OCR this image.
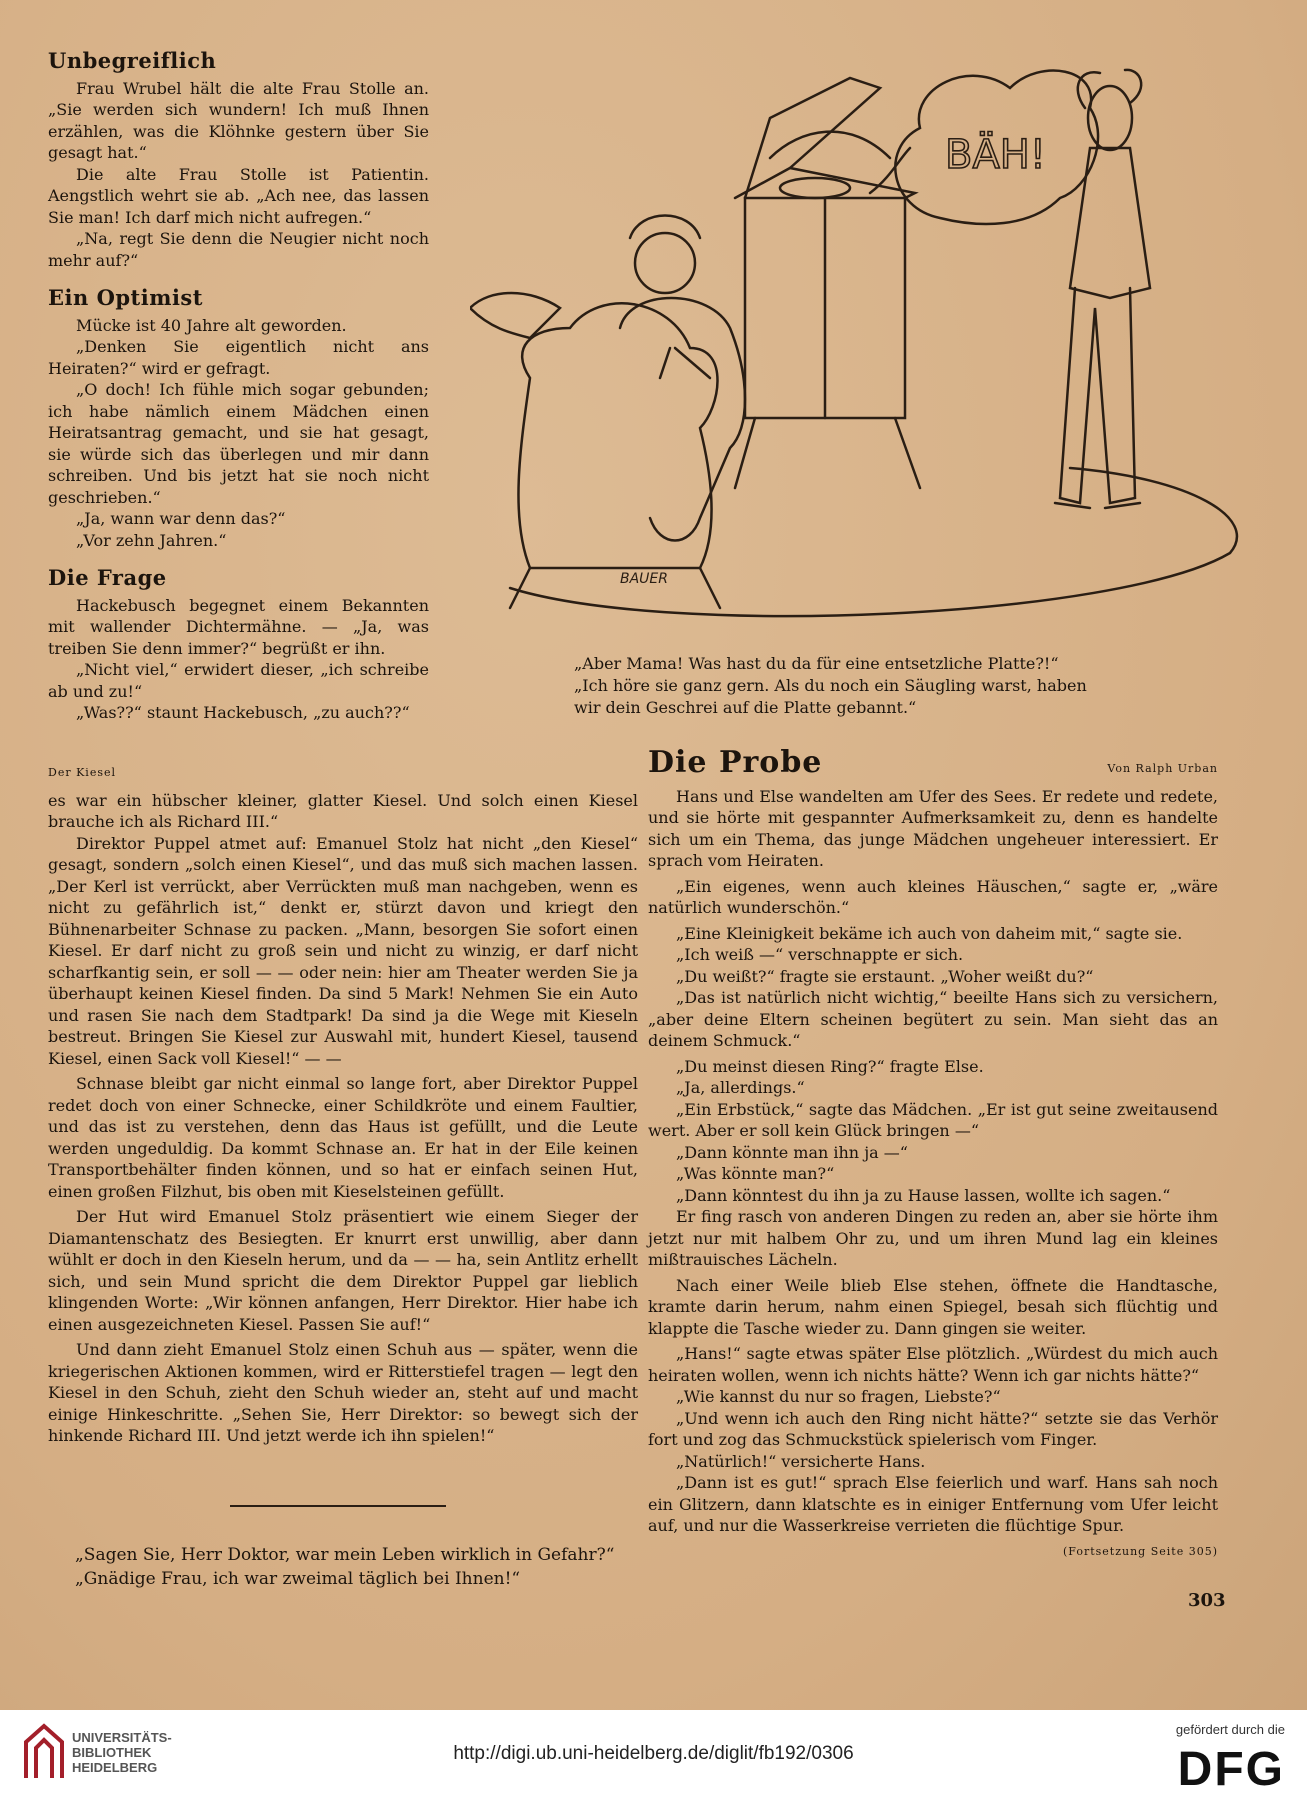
Unbegreiflich

Frau Wrubel hält die alte Frau Stolle an. „Sie werden sich wundern! Ich muß Ihnen erzählen, was die Klöhnke gestern über Sie gesagt hat.“

Die alte Frau Stolle ist Patientin. Aengstlich wehrt sie ab. „Ach nee, das lassen Sie man! Ich darf mich nicht aufregen.“

„Na, regt Sie denn die Neugier nicht noch mehr auf?“

Ein Optimist

Mücke ist 40 Jahre alt geworden.

„Denken Sie eigentlich nicht ans Heiraten?“ wird er gefragt.

„O doch! Ich fühle mich sogar gebunden; ich habe nämlich einem Mädchen einen Heiratsantrag gemacht, und sie hat gesagt, sie würde sich das überlegen und mir dann schreiben. Und bis jetzt hat sie noch nicht geschrieben.“

„Ja, wann war denn das?“

„Vor zehn Jahren.“

Die Frage

Hackebusch begegnet einem Bekannten mit wallender Dichtermähne. — „Ja, was treiben Sie denn immer?“ begrüßt er ihn.

„Nicht viel,“ erwidert dieser, „ich schreibe ab und zu!“

„Was??“ staunt Hackebusch, „zu auch??“

BÄH!
BAUER

„Aber Mama! Was hast du da für eine entsetzliche Platte?!“

„Ich höre sie ganz gern. Als du noch ein Säugling warst, haben wir dein Geschrei auf die Platte gebannt.“

Der Kiesel

es war ein hübscher kleiner, glatter Kiesel. Und solch einen Kiesel brauche ich als Richard III.“

Direktor Puppel atmet auf: Emanuel Stolz hat nicht „den Kiesel“ gesagt, sondern „solch einen Kiesel“, und das muß sich machen lassen. „Der Kerl ist verrückt, aber Verrückten muß man nachgeben, wenn es nicht zu gefährlich ist,“ denkt er, stürzt davon und kriegt den Bühnenarbeiter Schnase zu packen. „Mann, besorgen Sie sofort einen Kiesel. Er darf nicht zu groß sein und nicht zu winzig, er darf nicht scharfkantig sein, er soll — — oder nein: hier am Theater werden Sie ja überhaupt keinen Kiesel finden. Da sind 5 Mark! Nehmen Sie ein Auto und rasen Sie nach dem Stadtpark! Da sind ja die Wege mit Kieseln bestreut. Bringen Sie Kiesel zur Auswahl mit, hundert Kiesel, tausend Kiesel, einen Sack voll Kiesel!“ — —

Schnase bleibt gar nicht einmal so lange fort, aber Direktor Puppel redet doch von einer Schnecke, einer Schildkröte und einem Faultier, und das ist zu verstehen, denn das Haus ist gefüllt, und die Leute werden ungeduldig. Da kommt Schnase an. Er hat in der Eile keinen Transportbehälter finden können, und so hat er einfach seinen Hut, einen großen Filzhut, bis oben mit Kieselsteinen gefüllt.

Der Hut wird Emanuel Stolz präsentiert wie einem Sieger der Diamantenschatz des Besiegten. Er knurrt erst unwillig, aber dann wühlt er doch in den Kieseln herum, und da — — ha, sein Antlitz erhellt sich, und sein Mund spricht die dem Direktor Puppel gar lieblich klingenden Worte: „Wir können anfangen, Herr Direktor. Hier habe ich einen ausgezeichneten Kiesel. Passen Sie auf!“

Und dann zieht Emanuel Stolz einen Schuh aus — später, wenn die kriegerischen Aktionen kommen, wird er Ritterstiefel tragen — legt den Kiesel in den Schuh, zieht den Schuh wieder an, steht auf und macht einige Hinkeschritte. „Sehen Sie, Herr Direktor: so bewegt sich der hinkende Richard III. Und jetzt werde ich ihn spielen!“

„Sagen Sie, Herr Doktor, war mein Leben wirklich in Gefahr?“

„Gnädige Frau, ich war zweimal täglich bei Ihnen!“

Die Probe	Von Ralph Urban

Hans und Else wandelten am Ufer des Sees. Er redete und redete, und sie hörte mit gespannter Aufmerksamkeit zu, denn es handelte sich um ein Thema, das junge Mädchen ungeheuer interessiert. Er sprach vom Heiraten.

„Ein eigenes, wenn auch kleines Häuschen,“ sagte er, „wäre natürlich wunderschön.“

„Eine Kleinigkeit bekäme ich auch von daheim mit,“ sagte sie.

„Ich weiß —“ verschnappte er sich.

„Du weißt?“ fragte sie erstaunt. „Woher weißt du?“

„Das ist natürlich nicht wichtig,“ beeilte Hans sich zu versichern, „aber deine Eltern scheinen begütert zu sein. Man sieht das an deinem Schmuck.“

„Du meinst diesen Ring?“ fragte Else.

„Ja, allerdings.“

„Ein Erbstück,“ sagte das Mädchen. „Er ist gut seine zweitausend wert. Aber er soll kein Glück bringen —“

„Dann könnte man ihn ja —“

„Was könnte man?“

„Dann könntest du ihn ja zu Hause lassen, wollte ich sagen.“

Er fing rasch von anderen Dingen zu reden an, aber sie hörte ihm jetzt nur mit halbem Ohr zu, und um ihren Mund lag ein kleines mißtrauisches Lächeln.

Nach einer Weile blieb Else stehen, öffnete die Handtasche, kramte darin herum, nahm einen Spiegel, besah sich flüchtig und klappte die Tasche wieder zu. Dann gingen sie weiter.

„Hans!“ sagte etwas später Else plötzlich. „Würdest du mich auch heiraten wollen, wenn ich nichts hätte? Wenn ich gar nichts hätte?“

„Wie kannst du nur so fragen, Liebste?“

„Und wenn ich auch den Ring nicht hätte?“ setzte sie das Verhör fort und zog das Schmuckstück spielerisch vom Finger.

„Natürlich!“ versicherte Hans.

„Dann ist es gut!“ sprach Else feierlich und warf. Hans sah noch ein Glitzern, dann klatschte es in einiger Entfernung vom Ufer leicht auf, und nur die Wasserkreise verrieten die flüchtige Spur.

(Fortsetzung Seite 305)

303
UNIVERSITÄTS-
BIBLIOTHEK
HEIDELBERG
http://digi.ub.uni-heidelberg.de/diglit/fb192/0306
gefördert durch die
DFG
